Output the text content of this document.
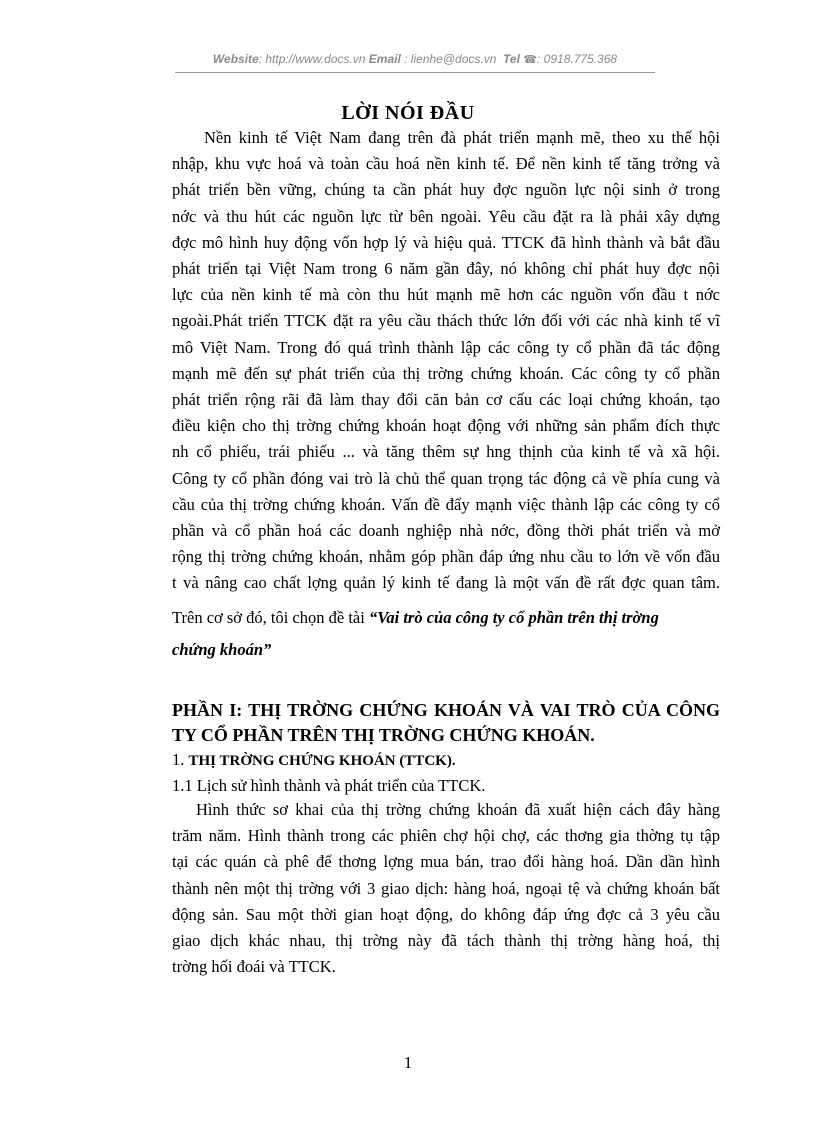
Website: http://www.docs.vn Email : lienhe@docs.vn Tel ☎: 0918.775.368
LỜI NÓI ĐẦU
Nền kinh tế Việt Nam đang trên đà phát triển mạnh mẽ, theo xu thế hội
nhập, khu vực hoá và toàn cầu hoá nền kinh tế. Để nền kinh tế tăng trởng và
phát triển bền vững, chúng ta cần phát huy đợc nguồn lực nội sinh ở trong
nớc và thu hút các nguồn lực từ bên ngoài. Yêu cầu đặt ra là phải xây dựng
đợc mô hình huy động vốn hợp lý và hiệu quả. TTCK đã hình thành và bắt đầu
phát triển tại Việt Nam trong 6 năm gần đây, nó không chỉ phát huy đợc nội
lực của nền kinh tế mà còn thu hút mạnh mẽ hơn các nguồn vốn đầu t nớc
ngoài.Phát triển TTCK đặt ra yêu cầu thách thức lớn đối với các nhà kinh tế vĩ
mô Việt Nam. Trong đó quá trình thành lập các công ty cổ phần đã tác động
mạnh mẽ đến sự phát triển của thị trờng chứng khoán. Các công ty cổ phần
phát triển rộng rãi đã làm thay đổi căn bản cơ cấu các loại chứng khoán, tạo
điều kiện cho thị trờng chứng khoán hoạt động với những sản phẩm đích thực
nh cổ phiếu, trái phiếu ... và tăng thêm sự hng thịnh của kinh tế và xã hội.
Công ty cổ phần đóng vai trò là chủ thể quan trọng tác động cả về phía cung và
cầu của thị trờng chứng khoán. Vấn đề đẩy mạnh việc thành lập các công ty cổ
phần và cổ phần hoá các doanh nghiệp nhà nớc, đồng thời phát triển và mở
rộng thị trờng chứng khoán, nhằm góp phần đáp ứng nhu cầu to lớn về vốn đầu
t và nâng cao chất lợng quản lý kinh tế đang là một vấn đề rất đợc quan tâm.
Trên cơ sở đó, tôi chọn đề tài “Vai trò của công ty cổ phần trên thị trờng
chứng khoán”
PHẦN I: THỊ TRỜNG CHỨNG KHOÁN VÀ VAI TRÒ CỦA CÔNG
TY CỔ PHẦN TRÊN THỊ TRỜNG CHỨNG KHOÁN.
1. THỊ TRỜNG CHỨNG KHOÁN (TTCK).
1.1 Lịch sử hình thành và phát triển của TTCK.
Hình thức sơ khai của thị trờng chứng khoán đã xuất hiện cách đây hàng
trăm năm. Hình thành trong các phiên chợ hội chợ, các thơng gia thờng tụ tập
tại các quán cà phê để thơng lợng mua bán, trao đổi hàng hoá. Dần dần hình
thành nên một thị trờng với 3 giao dịch: hàng hoá, ngoại tệ và chứng khoán bất
động sản. Sau một thời gian hoạt động, do không đáp ứng đợc cả 3 yêu cầu
giao dịch khác nhau, thị trờng này đã tách thành thị trờng hàng hoá, thị
trờng hối đoái và TTCK.
1
